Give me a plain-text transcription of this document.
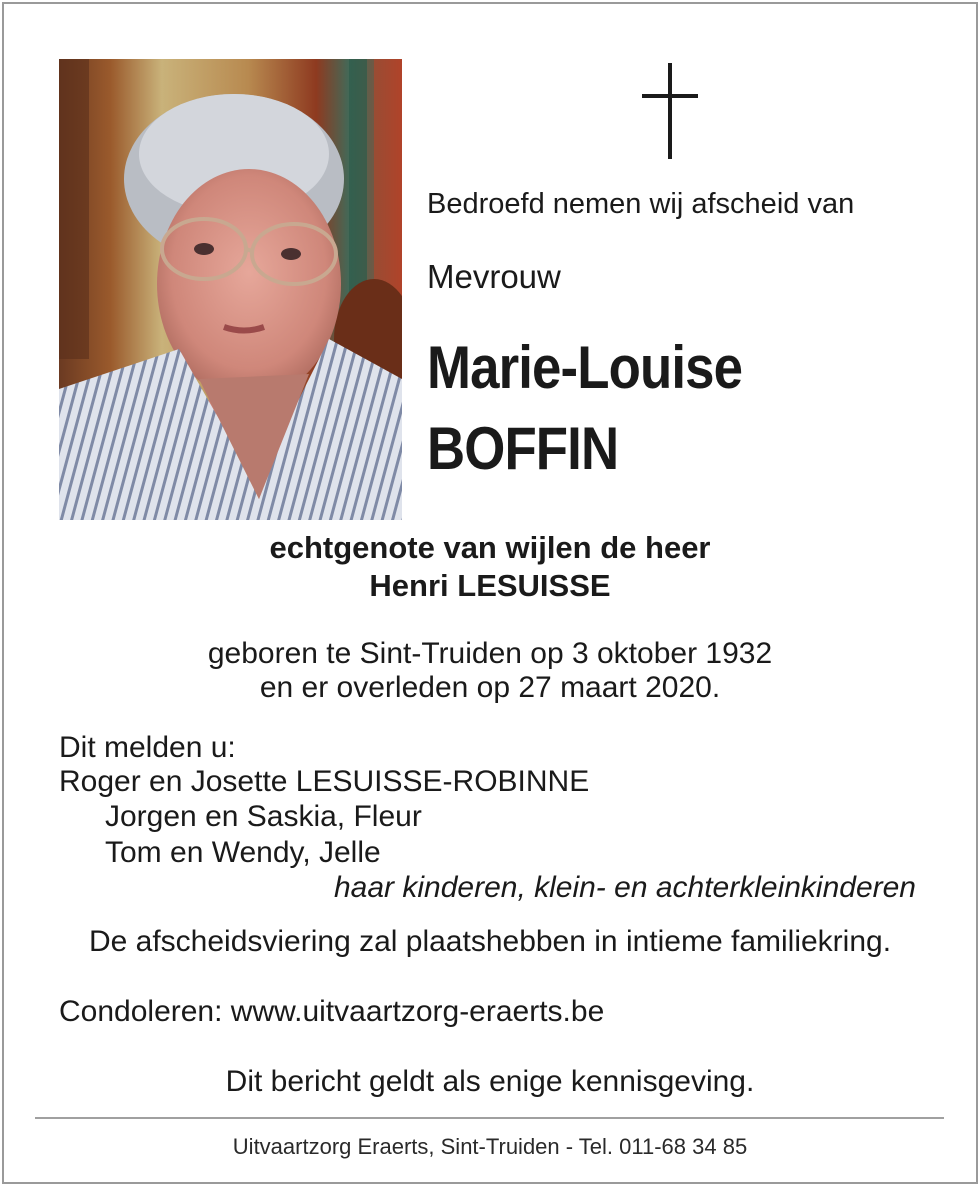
Bedroefd nemen wij afscheid van
Mevrouw
Marie-Louise
BOFFIN
echtgenote van wijlen de heer
Henri LESUISSE
geboren te Sint-Truiden op 3 oktober 1932
en er overleden op 27 maart 2020.
Dit melden u:
Roger en Josette LESUISSE-ROBINNE
Jorgen en Saskia, Fleur
Tom en Wendy, Jelle
haar kinderen, klein- en achterkleinkinderen
De afscheidsviering zal plaatshebben in intieme familiekring.
Condoleren: www.uitvaartzorg-eraerts.be
Dit bericht geldt als enige kennisgeving.
Uitvaartzorg Eraerts, Sint-Truiden - Tel. 011-68 34 85
